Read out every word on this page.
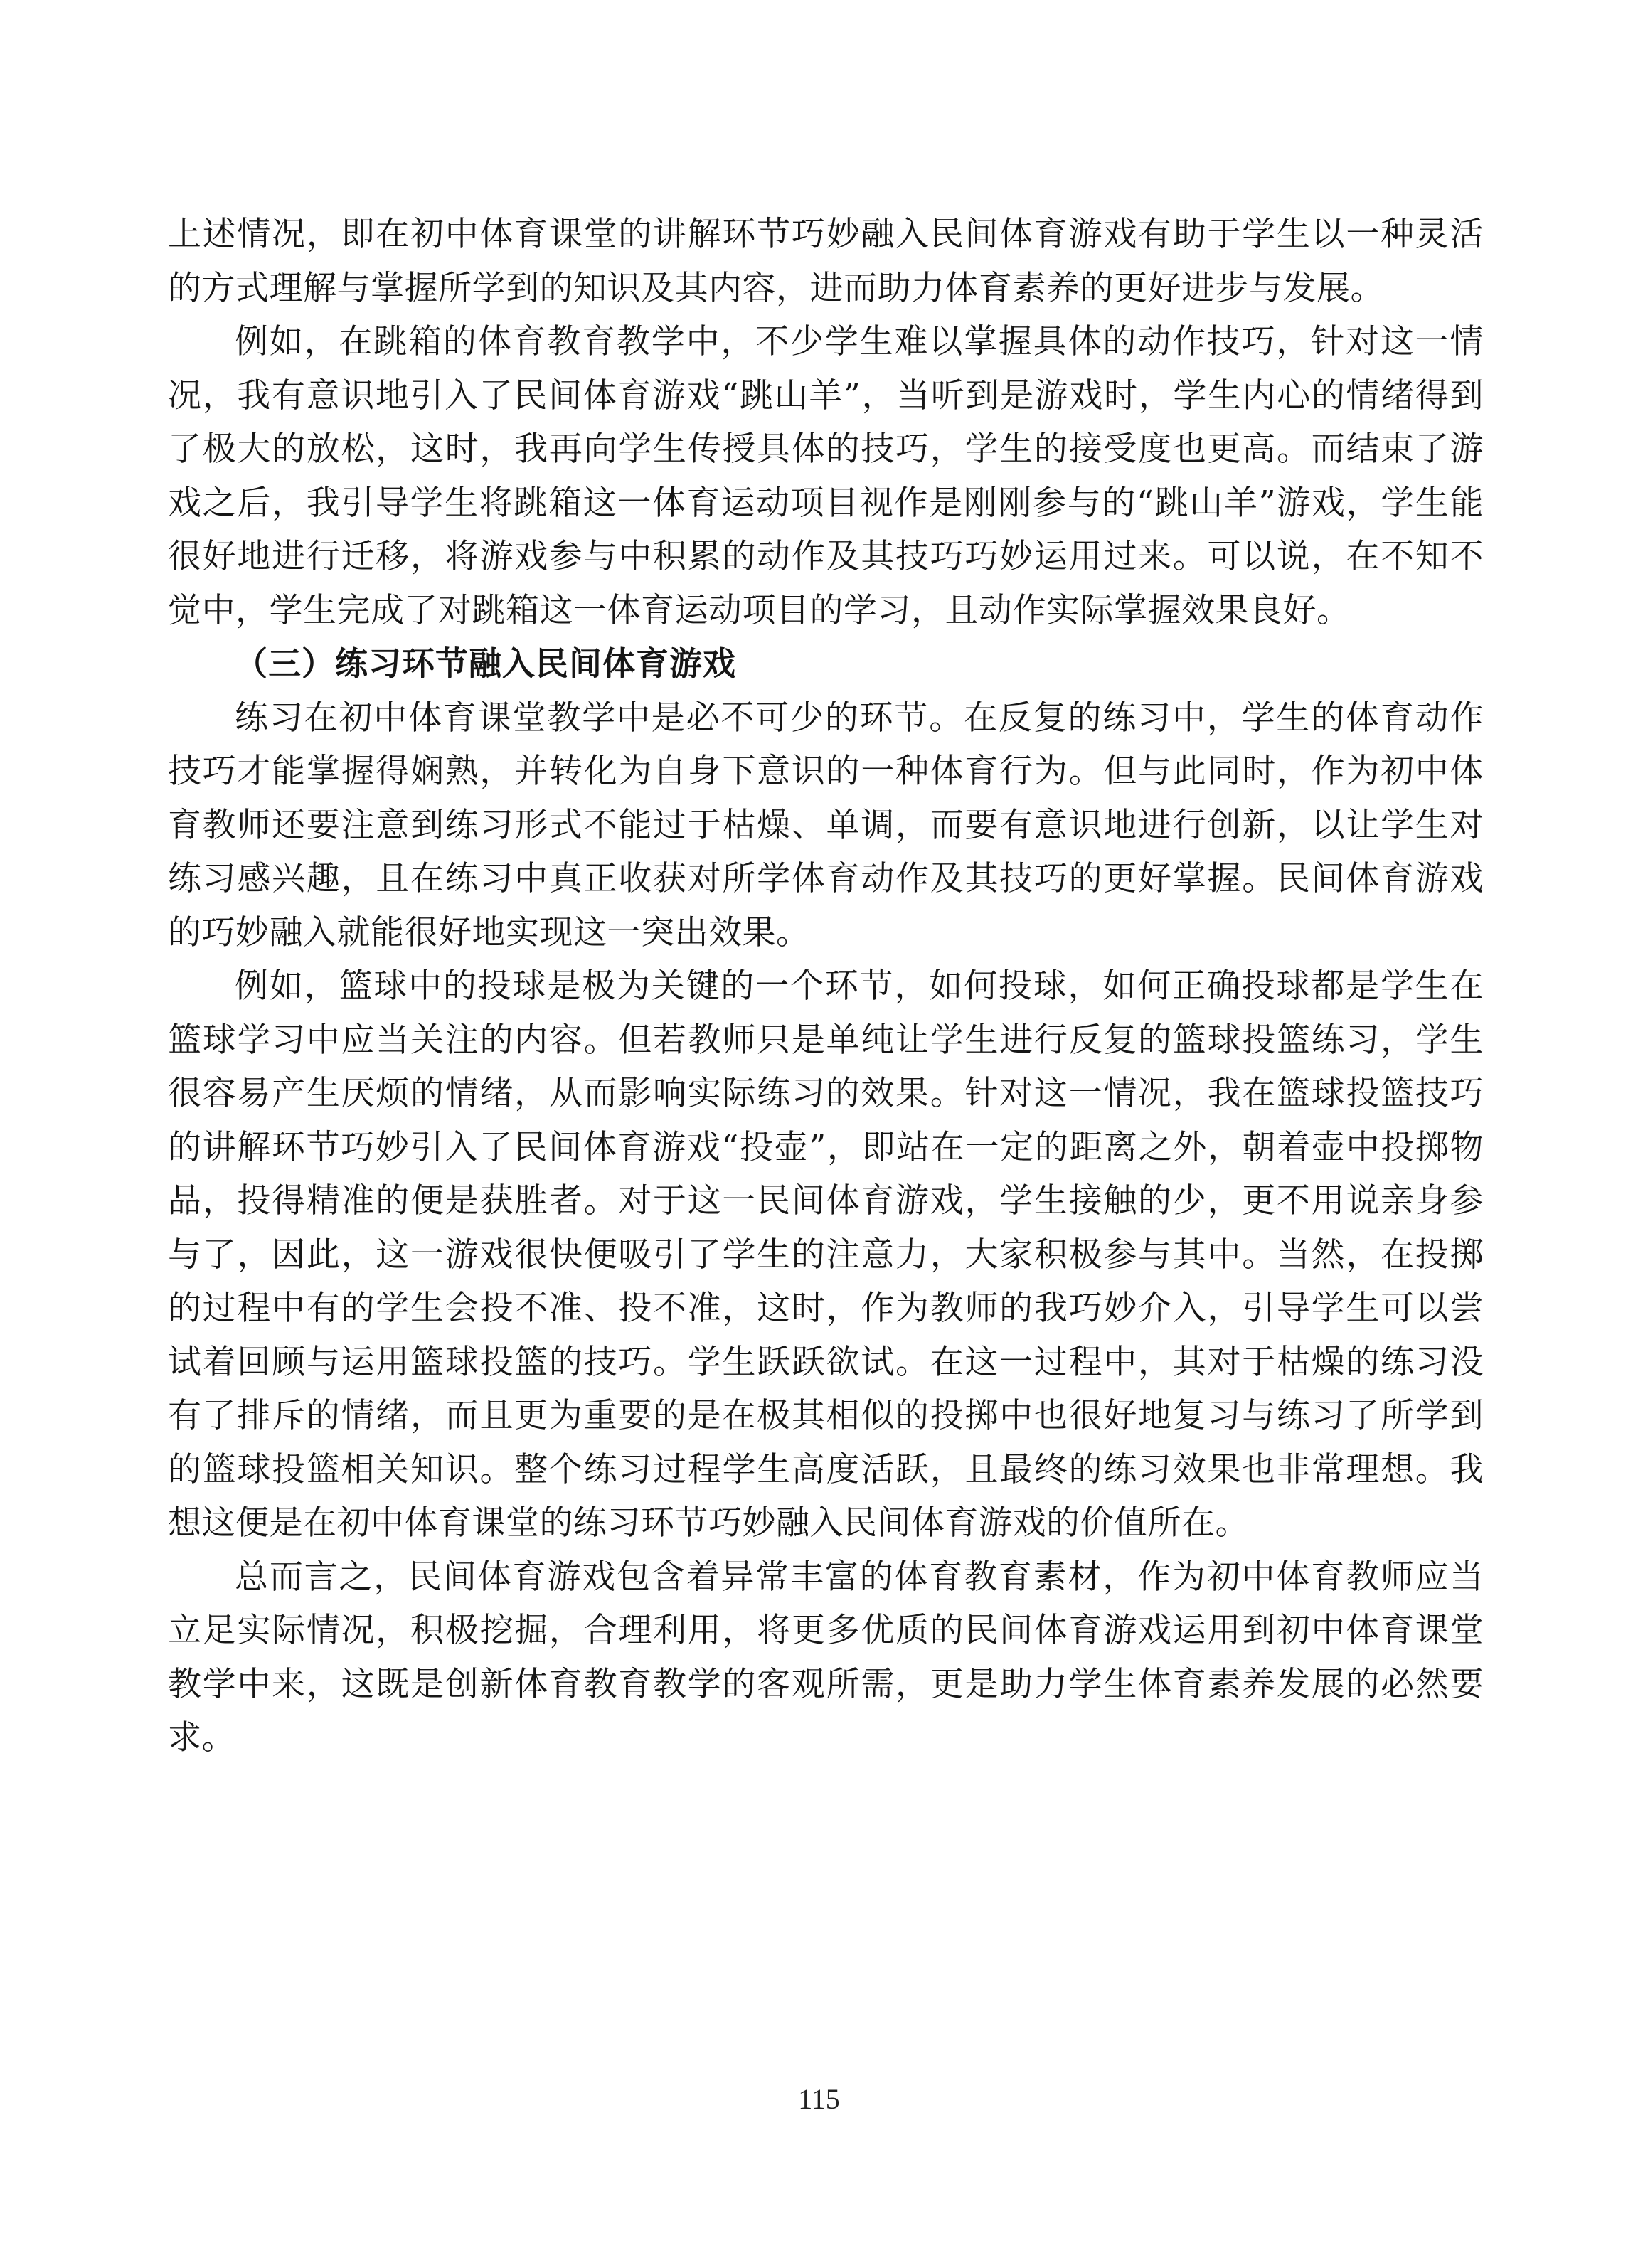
上述情况，即在初中体育课堂的讲解环节巧妙融入民间体育游戏有助于学生以一种灵活的方式理解与掌握所学到的知识及其内容，进而助力体育素养的更好进步与发展。

例如，在跳箱的体育教育教学中，不少学生难以掌握具体的动作技巧，针对这一情况，我有意识地引入了民间体育游戏“跳山羊”，当听到是游戏时，学生内心的情绪得到了极大的放松，这时，我再向学生传授具体的技巧，学生的接受度也更高。而结束了游戏之后，我引导学生将跳箱这一体育运动项目视作是刚刚参与的“跳山羊”游戏，学生能很好地进行迁移，将游戏参与中积累的动作及其技巧巧妙运用过来。可以说，在不知不觉中，学生完成了对跳箱这一体育运动项目的学习，且动作实际掌握效果良好。

（三）练习环节融入民间体育游戏

练习在初中体育课堂教学中是必不可少的环节。在反复的练习中，学生的体育动作技巧才能掌握得娴熟，并转化为自身下意识的一种体育行为。但与此同时，作为初中体育教师还要注意到练习形式不能过于枯燥、单调，而要有意识地进行创新，以让学生对练习感兴趣，且在练习中真正收获对所学体育动作及其技巧的更好掌握。民间体育游戏的巧妙融入就能很好地实现这一突出效果。

例如，篮球中的投球是极为关键的一个环节，如何投球，如何正确投球都是学生在篮球学习中应当关注的内容。但若教师只是单纯让学生进行反复的篮球投篮练习，学生很容易产生厌烦的情绪，从而影响实际练习的效果。针对这一情况，我在篮球投篮技巧的讲解环节巧妙引入了民间体育游戏“投壶”，即站在一定的距离之外，朝着壶中投掷物品，投得精准的便是获胜者。对于这一民间体育游戏，学生接触的少，更不用说亲身参与了，因此，这一游戏很快便吸引了学生的注意力，大家积极参与其中。当然，在投掷的过程中有的学生会投不准、投不准，这时，作为教师的我巧妙介入，引导学生可以尝试着回顾与运用篮球投篮的技巧。学生跃跃欲试。在这一过程中，其对于枯燥的练习没有了排斥的情绪，而且更为重要的是在极其相似的投掷中也很好地复习与练习了所学到的篮球投篮相关知识。整个练习过程学生高度活跃，且最终的练习效果也非常理想。我想这便是在初中体育课堂的练习环节巧妙融入民间体育游戏的价值所在。

总而言之，民间体育游戏包含着异常丰富的体育教育素材，作为初中体育教师应当立足实际情况，积极挖掘，合理利用，将更多优质的民间体育游戏运用到初中体育课堂教学中来，这既是创新体育教育教学的客观所需，更是助力学生体育素养发展的必然要求。

115
